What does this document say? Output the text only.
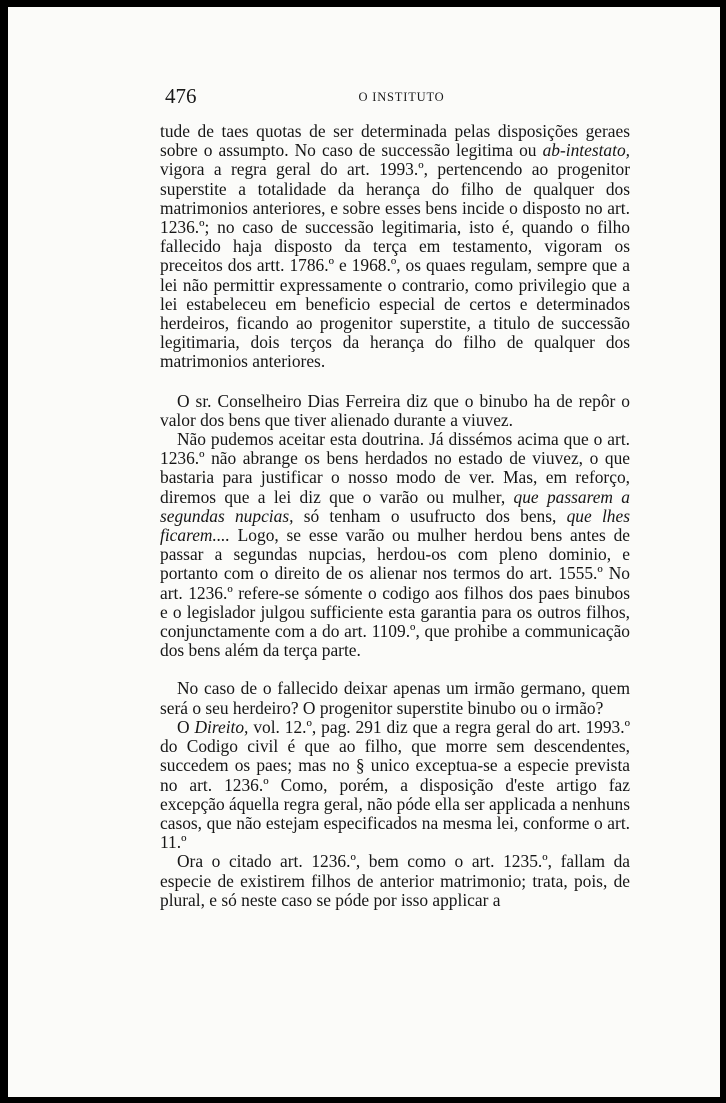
476	O INSTITUTO

tude de taes quotas de ser determinada pelas disposições geraes sobre o assumpto. No caso de successão legitima ou ab-intestato, vigora a regra geral do art. 1993.º, pertencendo ao progenitor superstite a totalidade da herança do filho de qualquer dos matrimonios anteriores, e sobre esses bens incide o disposto no art. 1236.º; no caso de successão legitimaria, isto é, quando o filho fallecido haja disposto da terça em testamento, vigoram os preceitos dos artt. 1786.º e 1968.º, os quaes regulam, sempre que a lei não permittir expressamente o contrario, como privilegio que a lei estabeleceu em beneficio especial de certos e determinados herdeiros, ficando ao progenitor superstite, a titulo de successão legitimaria, dois terços da herança do filho de qualquer dos matrimonios anteriores.

O sr. Conselheiro Dias Ferreira diz que o binubo ha de repôr o valor dos bens que tiver alienado durante a viuvez.

Não pudemos aceitar esta doutrina. Já dissémos acima que o art. 1236.º não abrange os bens herdados no estado de viuvez, o que bastaria para justificar o nosso modo de ver. Mas, em reforço, diremos que a lei diz que o varão ou mulher, que passarem a segundas nupcias, só tenham o usufructo dos bens, que lhes ficarem.... Logo, se esse varão ou mulher herdou bens antes de passar a segundas nupcias, herdou-os com pleno dominio, e portanto com o direito de os alienar nos termos do art. 1555.º No art. 1236.º refere-se sómente o codigo aos filhos dos paes binubos e o legislador julgou sufficiente esta garantia para os outros filhos, conjunctamente com a do art. 1109.º, que prohibe a communicação dos bens além da terça parte.

No caso de o fallecido deixar apenas um irmão germano, quem será o seu herdeiro? O progenitor superstite binubo ou o irmão?

O Direito, vol. 12.º, pag. 291 diz que a regra geral do art. 1993.º do Codigo civil é que ao filho, que morre sem descendentes, succedem os paes; mas no § unico exceptua-se a especie prevista no art. 1236.º Como, porém, a disposição d'este artigo faz excepção áquella regra geral, não póde ella ser applicada a nenhuns casos, que não estejam especificados na mesma lei, conforme o art. 11.º

Ora o citado art. 1236.º, bem como o art. 1235.º, fallam da especie de existirem filhos de anterior matrimonio; trata, pois, de plural, e só neste caso se póde por isso applicar a
